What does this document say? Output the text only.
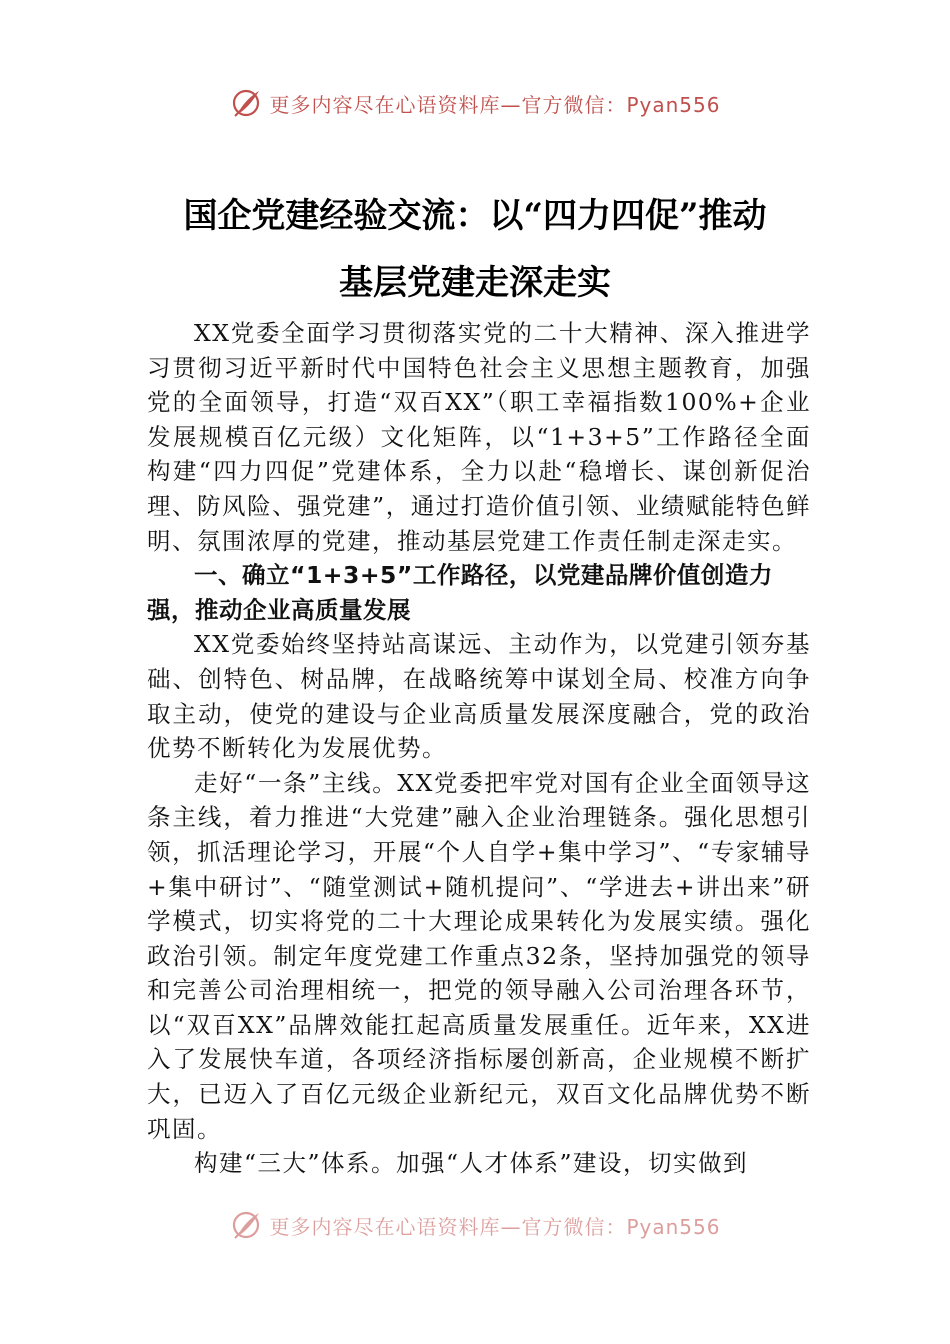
更多内容尽在心语资料库—官方微信：Pyan556
国企党建经验交流：以“四力四促”推动
基层党建走深走实

XX党委全面学习贯彻落实党的二十大精神、深入推进学习贯彻习近平新时代中国特色社会主义思想主题教育，加强党的全面领导，打造“双百XX”（职工幸福指数100%+企业发展规模百亿元级）文化矩阵，以“1+3+5”工作路径全面构建“四力四促”党建体系，全力以赴“稳增长、谋创新促治理、防风险、强党建”，通过打造价值引领、业绩赋能特色鲜明、氛围浓厚的党建，推动基层党建工作责任制走深走实。

一、确立“1+3+5”工作路径，以党建品牌价值创造力强，推动企业高质量发展

XX党委始终坚持站高谋远、主动作为，以党建引领夯基础、创特色、树品牌，在战略统筹中谋划全局、校准方向争取主动，使党的建设与企业高质量发展深度融合，党的政治优势不断转化为发展优势。

走好“一条”主线。XX党委把牢党对国有企业全面领导这条主线，着力推进“大党建”融入企业治理链条。强化思想引领，抓活理论学习，开展“个人自学+集中学习”、“专家辅导+集中研讨”、“随堂测试+随机提问”、“学进去+讲出来”研学模式，切实将党的二十大理论成果转化为发展实绩。强化政治引领。制定年度党建工作重点32条，坚持加强党的领导和完善公司治理相统一，把党的领导融入公司治理各环节，以“双百XX”品牌效能扛起高质量发展重任。近年来，XX进入了发展快车道，各项经济指标屡创新高，企业规模不断扩大，已迈入了百亿元级企业新纪元，双百文化品牌优势不断巩固。

构建“三大”体系。加强“人才体系”建设，切实做到

更多内容尽在心语资料库—官方微信：Pyan556
